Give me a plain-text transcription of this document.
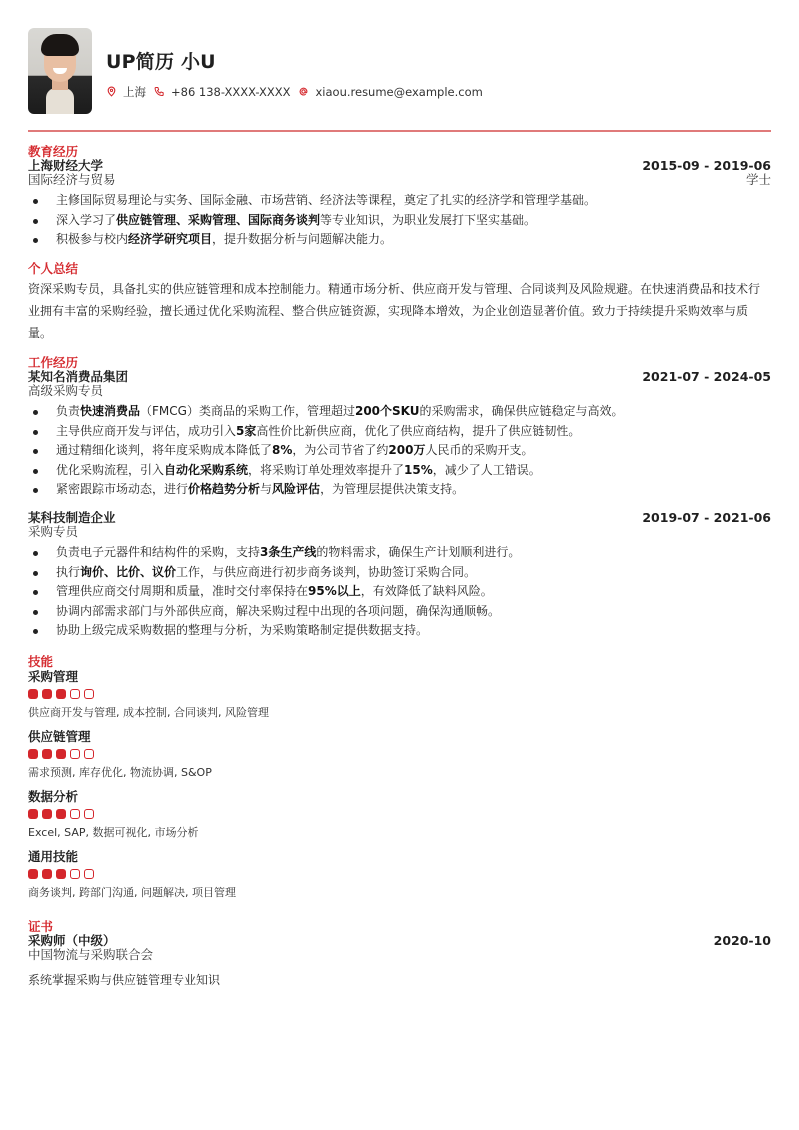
UP简历 小U
上海 +86 138-XXXX-XXXX xiaou.resume@example.com
教育经历
上海财经大学
国际经济与贸易
2015-09 - 2019-06
学士
主修国际贸易理论与实务、国际金融、市场营销、经济法等课程，奠定了扎实的经济学和管理学基础。
深入学习了供应链管理、采购管理、国际商务谈判等专业知识，为职业发展打下坚实基础。
积极参与校内经济学研究项目，提升数据分析与问题解决能力。
个人总结
资深采购专员，具备扎实的供应链管理和成本控制能力。精通市场分析、供应商开发与管理、合同谈判及风险规避。在快速消费品和技术行业拥有丰富的采购经验，擅长通过优化采购流程、整合供应链资源，实现降本增效，为企业创造显著价值。致力于持续提升采购效率与质量。
工作经历
某知名消费品集团
高级采购专员
2021-07 - 2024-05
负责快速消费品（FMCG）类商品的采购工作，管理超过200个SKU的采购需求，确保供应链稳定与高效。
主导供应商开发与评估，成功引入5家高性价比新供应商，优化了供应商结构，提升了供应链韧性。
通过精细化谈判，将年度采购成本降低了8%，为公司节省了约200万人民币的采购开支。
优化采购流程，引入自动化采购系统，将采购订单处理效率提升了15%，减少了人工错误。
紧密跟踪市场动态，进行价格趋势分析与风险评估，为管理层提供决策支持。
某科技制造企业
采购专员
2019-07 - 2021-06
负责电子元器件和结构件的采购，支持3条生产线的物料需求，确保生产计划顺利进行。
执行询价、比价、议价工作，与供应商进行初步商务谈判，协助签订采购合同。
管理供应商交付周期和质量，准时交付率保持在95%以上，有效降低了缺料风险。
协调内部需求部门与外部供应商，解决采购过程中出现的各项问题，确保沟通顺畅。
协助上级完成采购数据的整理与分析，为采购策略制定提供数据支持。
技能
采购管理
供应商开发与管理, 成本控制, 合同谈判, 风险管理
供应链管理
需求预测, 库存优化, 物流协调, S&OP
数据分析
Excel, SAP, 数据可视化, 市场分析
通用技能
商务谈判, 跨部门沟通, 问题解决, 项目管理
证书
采购师（中级）
中国物流与采购联合会
2020-10
系统掌握采购与供应链管理专业知识
